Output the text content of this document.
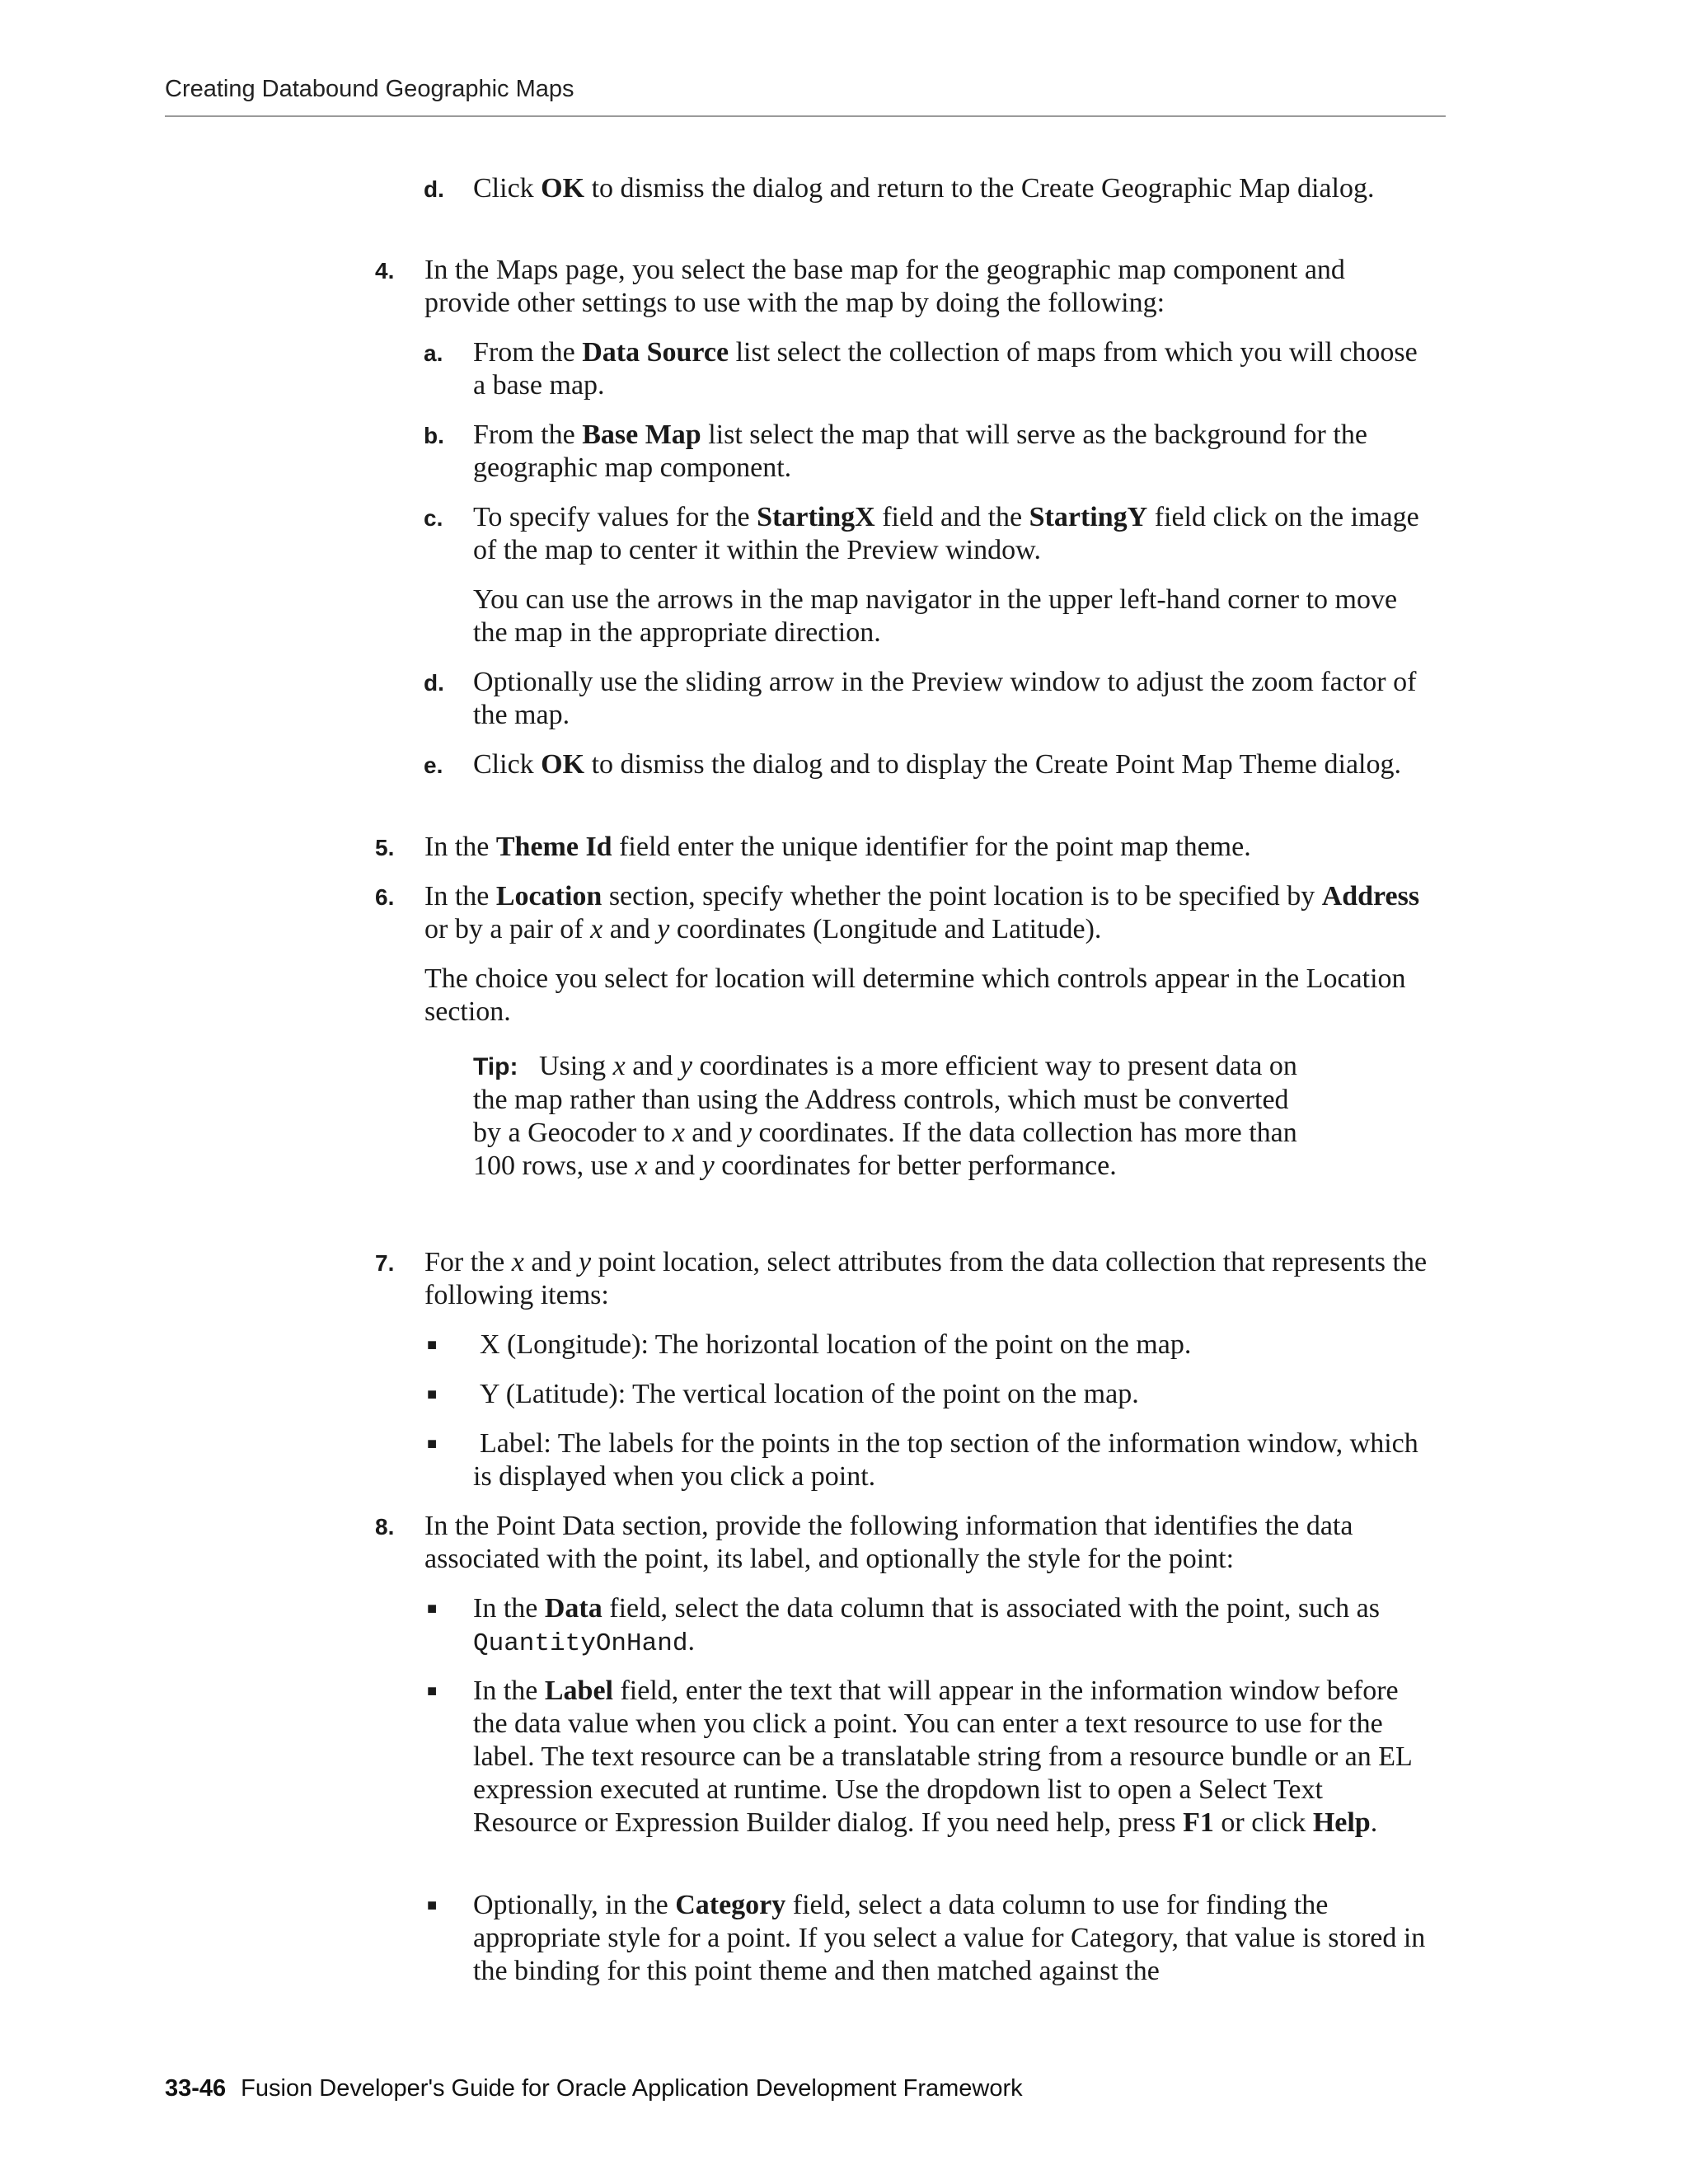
Creating Databound Geographic Maps
d. Click OK to dismiss the dialog and return to the Create Geographic Map dialog.
4. In the Maps page, you select the base map for the geographic map component and provide other settings to use with the map by doing the following:
a. From the Data Source list select the collection of maps from which you will choose a base map.
b. From the Base Map list select the map that will serve as the background for the geographic map component.
c. To specify values for the StartingX field and the StartingY field click on the image of the map to center it within the Preview window.
You can use the arrows in the map navigator in the upper left-hand corner to move the map in the appropriate direction.
d. Optionally use the sliding arrow in the Preview window to adjust the zoom factor of the map.
e. Click OK to dismiss the dialog and to display the Create Point Map Theme dialog.
5. In the Theme Id field enter the unique identifier for the point map theme.
6. In the Location section, specify whether the point location is to be specified by Address or by a pair of x and y coordinates (Longitude and Latitude).
The choice you select for location will determine which controls appear in the Location section.
Tip: Using x and y coordinates is a more efficient way to present data on the map rather than using the Address controls, which must be converted by a Geocoder to x and y coordinates. If the data collection has more than 100 rows, use x and y coordinates for better performance.
7. For the x and y point location, select attributes from the data collection that represents the following items:
■ X (Longitude): The horizontal location of the point on the map.
■ Y (Latitude): The vertical location of the point on the map.
■ Label: The labels for the points in the top section of the information window, which is displayed when you click a point.
8. In the Point Data section, provide the following information that identifies the data associated with the point, its label, and optionally the style for the point:
■ In the Data field, select the data column that is associated with the point, such as QuantityOnHand.
■ In the Label field, enter the text that will appear in the information window before the data value when you click a point. You can enter a text resource to use for the label. The text resource can be a translatable string from a resource bundle or an EL expression executed at runtime. Use the dropdown list to open a Select Text Resource or Expression Builder dialog. If you need help, press F1 or click Help.
■ Optionally, in the Category field, select a data column to use for finding the appropriate style for a point. If you select a value for Category, that value is stored in the binding for this point theme and then matched against the
33-46 Fusion Developer's Guide for Oracle Application Development Framework
